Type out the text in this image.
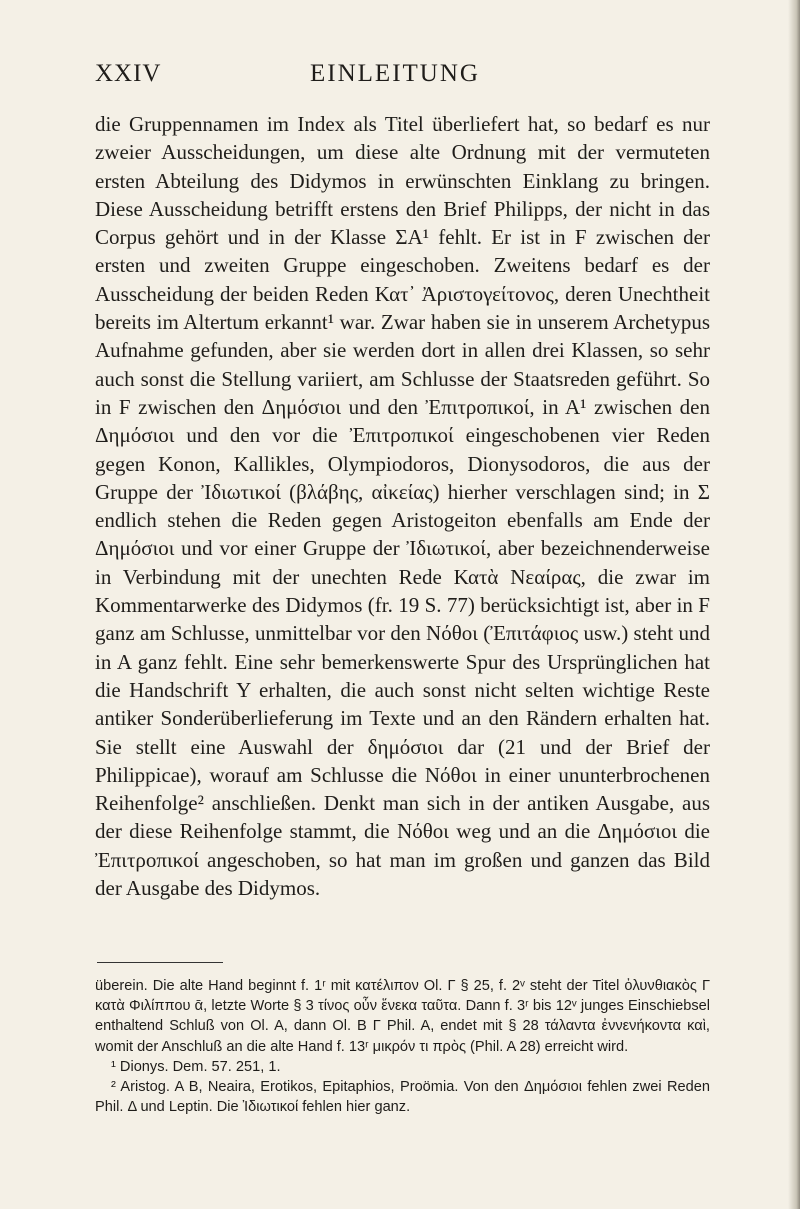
XXIV	EINLEITUNG

die Gruppennamen im Index als Titel überliefert hat, so bedarf es nur zweier Ausscheidungen, um diese alte Ordnung mit der vermuteten ersten Abteilung des Didymos in erwünschten Einklang zu bringen. Diese Ausscheidung betrifft erstens den Brief Philipps, der nicht in das Corpus gehört und in der Klasse ΣA¹ fehlt. Er ist in F zwischen der ersten und zweiten Gruppe eingeschoben. Zweitens bedarf es der Ausscheidung der beiden Reden Κατ᾽ Ἀριστογείτονος, deren Unechtheit bereits im Altertum erkannt¹ war. Zwar haben sie in unserem Archetypus Aufnahme gefunden, aber sie werden dort in allen drei Klassen, so sehr auch sonst die Stellung variiert, am Schlusse der Staatsreden geführt. So in F zwischen den Δημόσιοι und den Ἐπιτροπικοί, in A¹ zwischen den Δημόσιοι und den vor die Ἐπιτροπικοί eingeschobenen vier Reden gegen Konon, Kallikles, Olympiodoros, Dionysodoros, die aus der Gruppe der Ἰδιωτικοί (βλάβης, αἰκείας) hierher verschlagen sind; in Σ endlich stehen die Reden gegen Aristogeiton ebenfalls am Ende der Δημόσιοι und vor einer Gruppe der Ἰδιωτικοί, aber bezeichnenderweise in Verbindung mit der unechten Rede Κατὰ Νεαίρας, die zwar im Kommentarwerke des Didymos (fr. 19 S. 77) berücksichtigt ist, aber in F ganz am Schlusse, unmittelbar vor den Νόθοι (Ἐπιτάφιος usw.) steht und in A ganz fehlt. Eine sehr bemerkenswerte Spur des Ursprünglichen hat die Handschrift Y erhalten, die auch sonst nicht selten wichtige Reste antiker Sonderüberlieferung im Texte und an den Rändern erhalten hat. Sie stellt eine Auswahl der δημόσιοι dar (21 und der Brief der Philippicae), worauf am Schlusse die Νόθοι in einer ununterbrochenen Reihenfolge² anschließen. Denkt man sich in der antiken Ausgabe, aus der diese Reihenfolge stammt, die Νόθοι weg und an die Δημόσιοι die Ἐπιτροπικοί angeschoben, so hat man im großen und ganzen das Bild der Ausgabe des Didymos.

überein. Die alte Hand beginnt f. 1ʳ mit κατέλιπον Ol. Γ § 25, f. 2ᵛ steht der Titel ὀλυνθιακὸς Γ κατὰ Φιλίππου ᾱ, letzte Worte § 3 τίνος οὖν ἕνεκα ταῦτα. Dann f. 3ʳ bis 12ᵛ junges Einschiebsel enthaltend Schluß von Ol. A, dann Ol. B Γ Phil. A, endet mit § 28 τάλαντα ἐννενήκοντα καὶ, womit der Anschluß an die alte Hand f. 13ʳ μικρόν τι πρὸς (Phil. A 28) erreicht wird.

¹ Dionys. Dem. 57. 251, 1.

² Aristog. A B, Neaira, Erotikos, Epitaphios, Proömia. Von den Δημόσιοι fehlen zwei Reden Phil. Δ und Leptin. Die Ἰδιωτικοί fehlen hier ganz.
